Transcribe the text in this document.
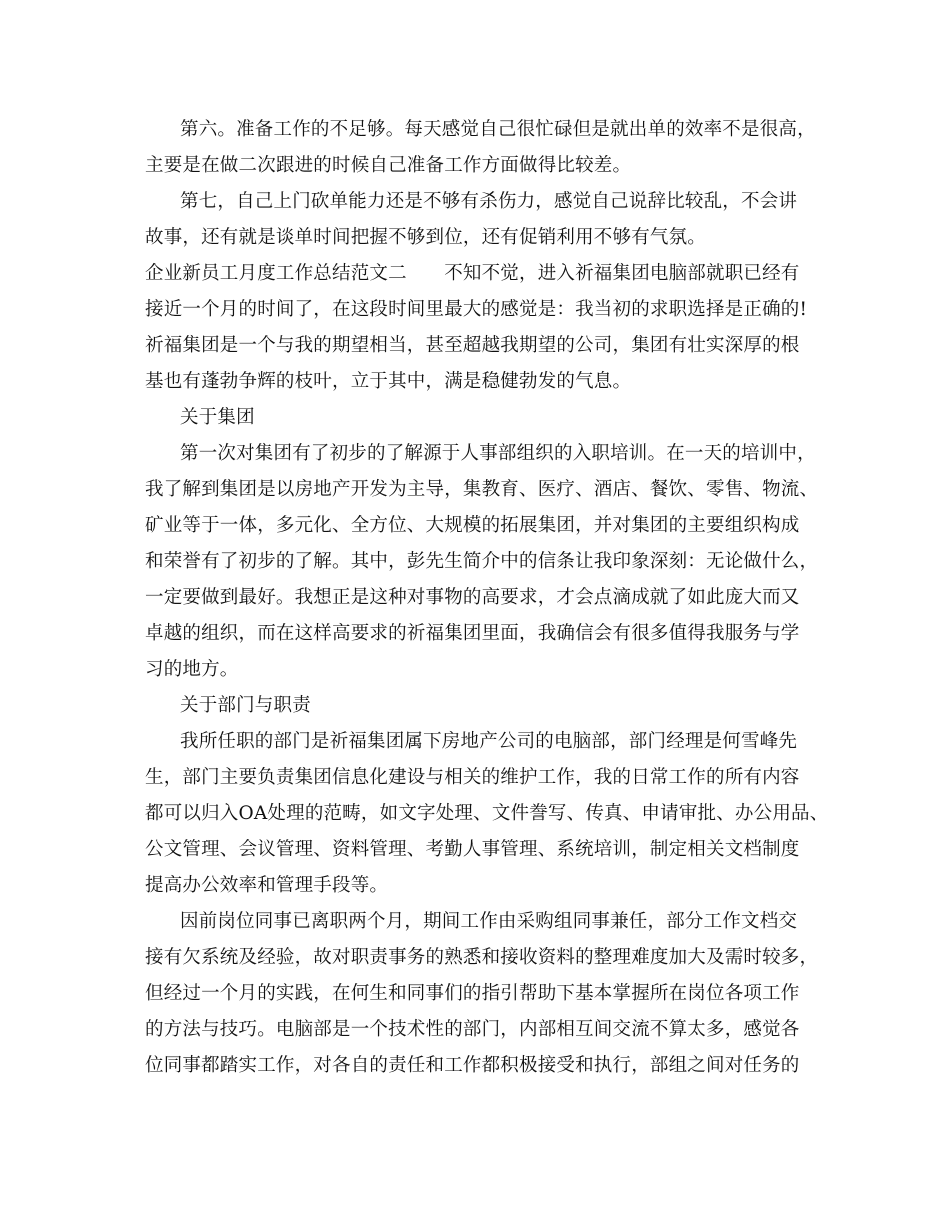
第六。准备工作的不足够。每天感觉自己很忙碌但是就出单的效率不是很高，
主要是在做二次跟进的时候自己准备工作方面做得比较差。
第七，自己上门砍单能力还是不够有杀伤力，感觉自己说辞比较乱，不会讲
故事，还有就是谈单时间把握不够到位，还有促销利用不够有气氛。
企业新员工月度工作总结范文二　　不知不觉，进入祈福集团电脑部就职已经有
接近一个月的时间了，在这段时间里最大的感觉是：我当初的求职选择是正确的!
祈福集团是一个与我的期望相当，甚至超越我期望的公司，集团有壮实深厚的根
基也有蓬勃争辉的枝叶，立于其中，满是稳健勃发的气息。
关于集团
第一次对集团有了初步的了解源于人事部组织的入职培训。在一天的培训中，
我了解到集团是以房地产开发为主导，集教育、医疗、酒店、餐饮、零售、物流、
矿业等于一体，多元化、全方位、大规模的拓展集团，并对集团的主要组织构成
和荣誉有了初步的了解。其中，彭先生简介中的信条让我印象深刻：无论做什么，
一定要做到最好。我想正是这种对事物的高要求，才会点滴成就了如此庞大而又
卓越的组织，而在这样高要求的祈福集团里面，我确信会有很多值得我服务与学
习的地方。
关于部门与职责
我所任职的部门是祈福集团属下房地产公司的电脑部，部门经理是何雪峰先
生，部门主要负责集团信息化建设与相关的维护工作，我的日常工作的所有内容
都可以归入OA处理的范畴，如文字处理、文件誊写、传真、申请审批、办公用品、
公文管理、会议管理、资料管理、考勤人事管理、系统培训，制定相关文档制度
提高办公效率和管理手段等。
因前岗位同事已离职两个月，期间工作由采购组同事兼任，部分工作文档交
接有欠系统及经验，故对职责事务的熟悉和接收资料的整理难度加大及需时较多，
但经过一个月的实践，在何生和同事们的指引帮助下基本掌握所在岗位各项工作
的方法与技巧。电脑部是一个技术性的部门，内部相互间交流不算太多，感觉各
位同事都踏实工作，对各自的责任和工作都积极接受和执行，部组之间对任务的
